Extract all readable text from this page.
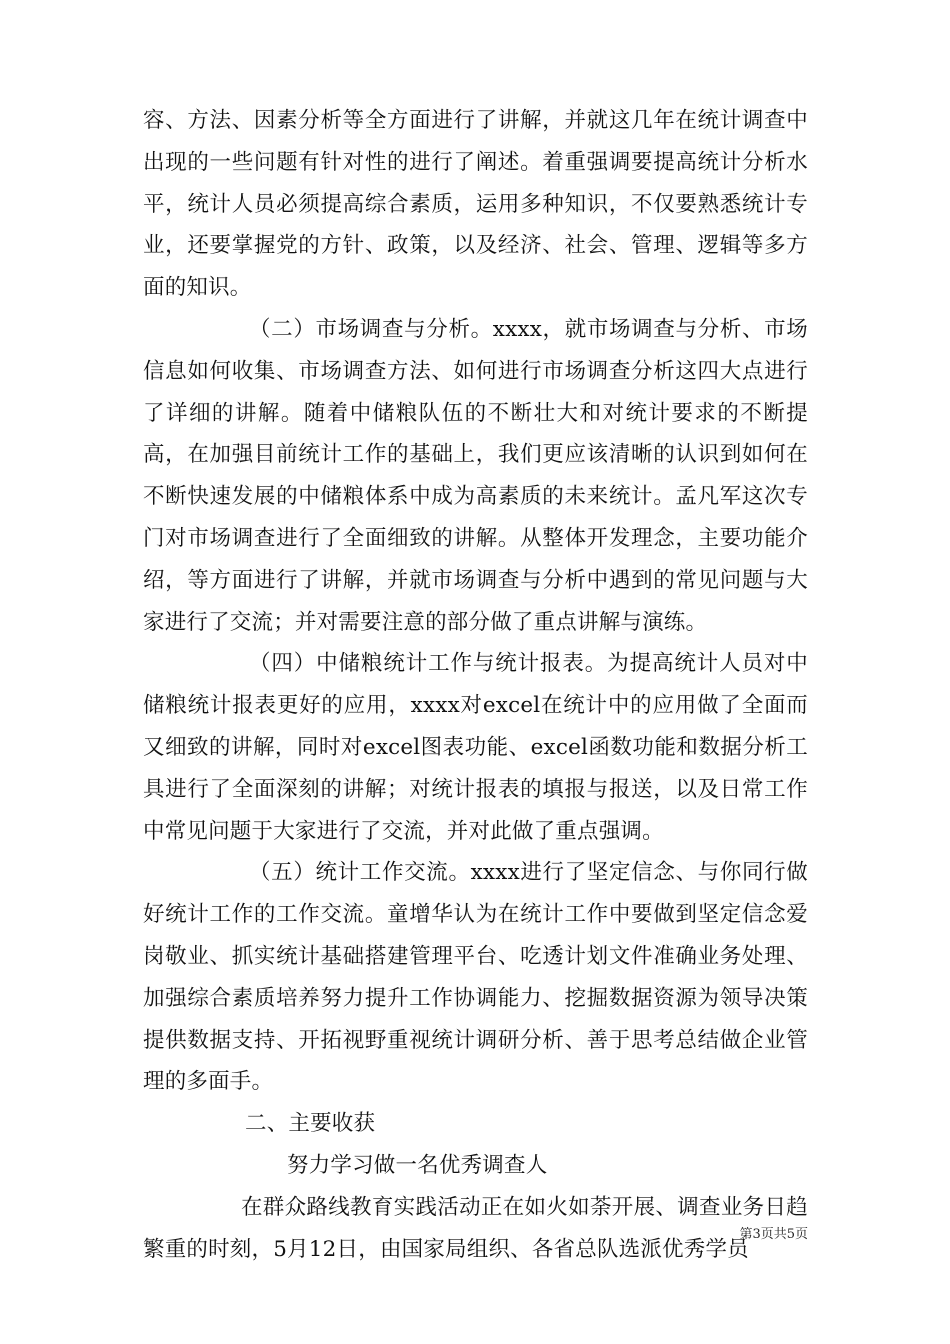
容、方法、因素分析等全方面进行了讲解，并就这几年在统计调查中出现的一些问题有针对性的进行了阐述。着重强调要提高统计分析水平，统计人员必须提高综合素质，运用多种知识，不仅要熟悉统计专业，还要掌握党的方针、政策，以及经济、社会、管理、逻辑等多方面的知识。

（二）市场调查与分析。xxxx，就市场调查与分析、市场信息如何收集、市场调查方法、如何进行市场调查分析这四大点进行了详细的讲解。随着中储粮队伍的不断壮大和对统计要求的不断提高，在加强目前统计工作的基础上，我们更应该清晰的认识到如何在不断快速发展的中储粮体系中成为高素质的未来统计。孟凡军这次专门对市场调查进行了全面细致的讲解。从整体开发理念，主要功能介绍，等方面进行了讲解，并就市场调查与分析中遇到的常见问题与大家进行了交流；并对需要注意的部分做了重点讲解与演练。

（四）中储粮统计工作与统计报表。为提高统计人员对中储粮统计报表更好的应用，xxxx对excel在统计中的应用做了全面而又细致的讲解，同时对excel图表功能、excel函数功能和数据分析工具进行了全面深刻的讲解；对统计报表的填报与报送，以及日常工作中常见问题于大家进行了交流，并对此做了重点强调。

（五）统计工作交流。xxxx进行了坚定信念、与你同行做好统计工作的工作交流。童增华认为在统计工作中要做到坚定信念爱岗敬业、抓实统计基础搭建管理平台、吃透计划文件准确业务处理、加强综合素质培养努力提升工作协调能力、挖掘数据资源为领导决策提供数据支持、开拓视野重视统计调研分析、善于思考总结做企业管理的多面手。

二、主要收获

努力学习做一名优秀调查人

在群众路线教育实践活动正在如火如荼开展、调查业务日趋繁重的时刻，5月12日，由国家局组织、各省总队选派优秀学员

第3页共5页
